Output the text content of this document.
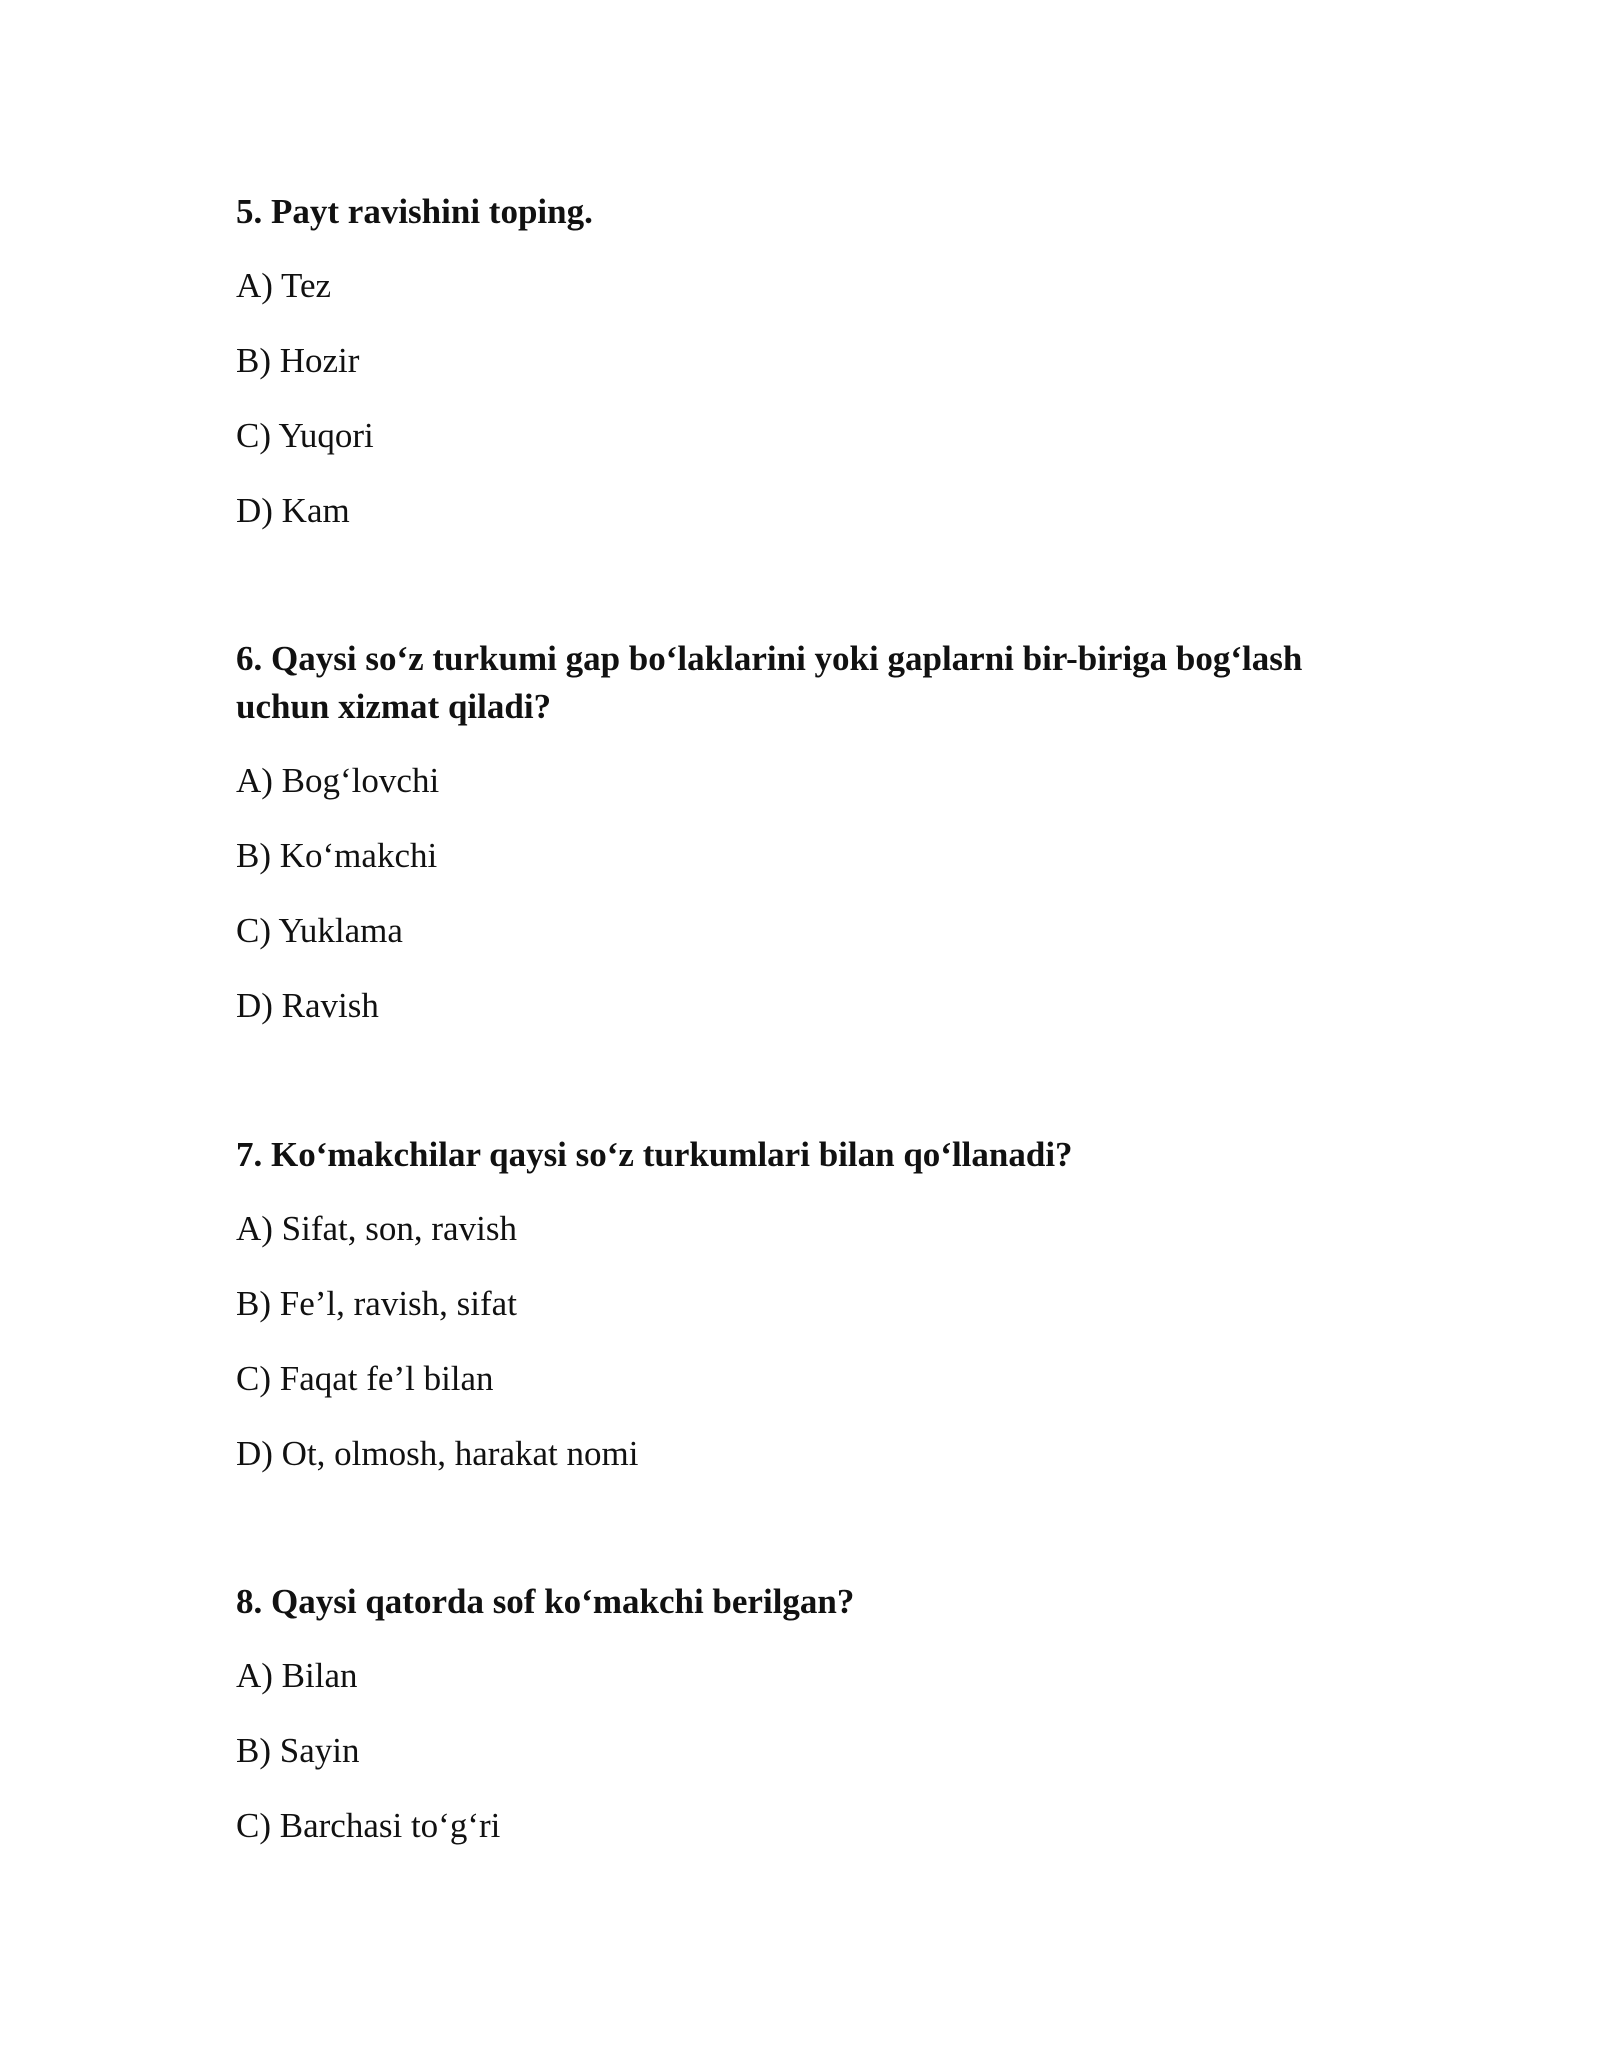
5. Payt ravishini toping.

A) Tez
B) Hozir
C) Yuqori
D) Kam

6. Qaysi so‘z turkumi gap bo‘laklarini yoki gaplarni bir-biriga bog‘lash uchun xizmat qiladi?

A) Bog‘lovchi
B) Ko‘makchi
C) Yuklama
D) Ravish

7. Ko‘makchilar qaysi so‘z turkumlari bilan qo‘llanadi?

A) Sifat, son, ravish
B) Fe’l, ravish, sifat
C) Faqat fe’l bilan
D) Ot, olmosh, harakat nomi

8. Qaysi qatorda sof ko‘makchi berilgan?

A) Bilan
B) Sayin
C) Barchasi to‘g‘ri
